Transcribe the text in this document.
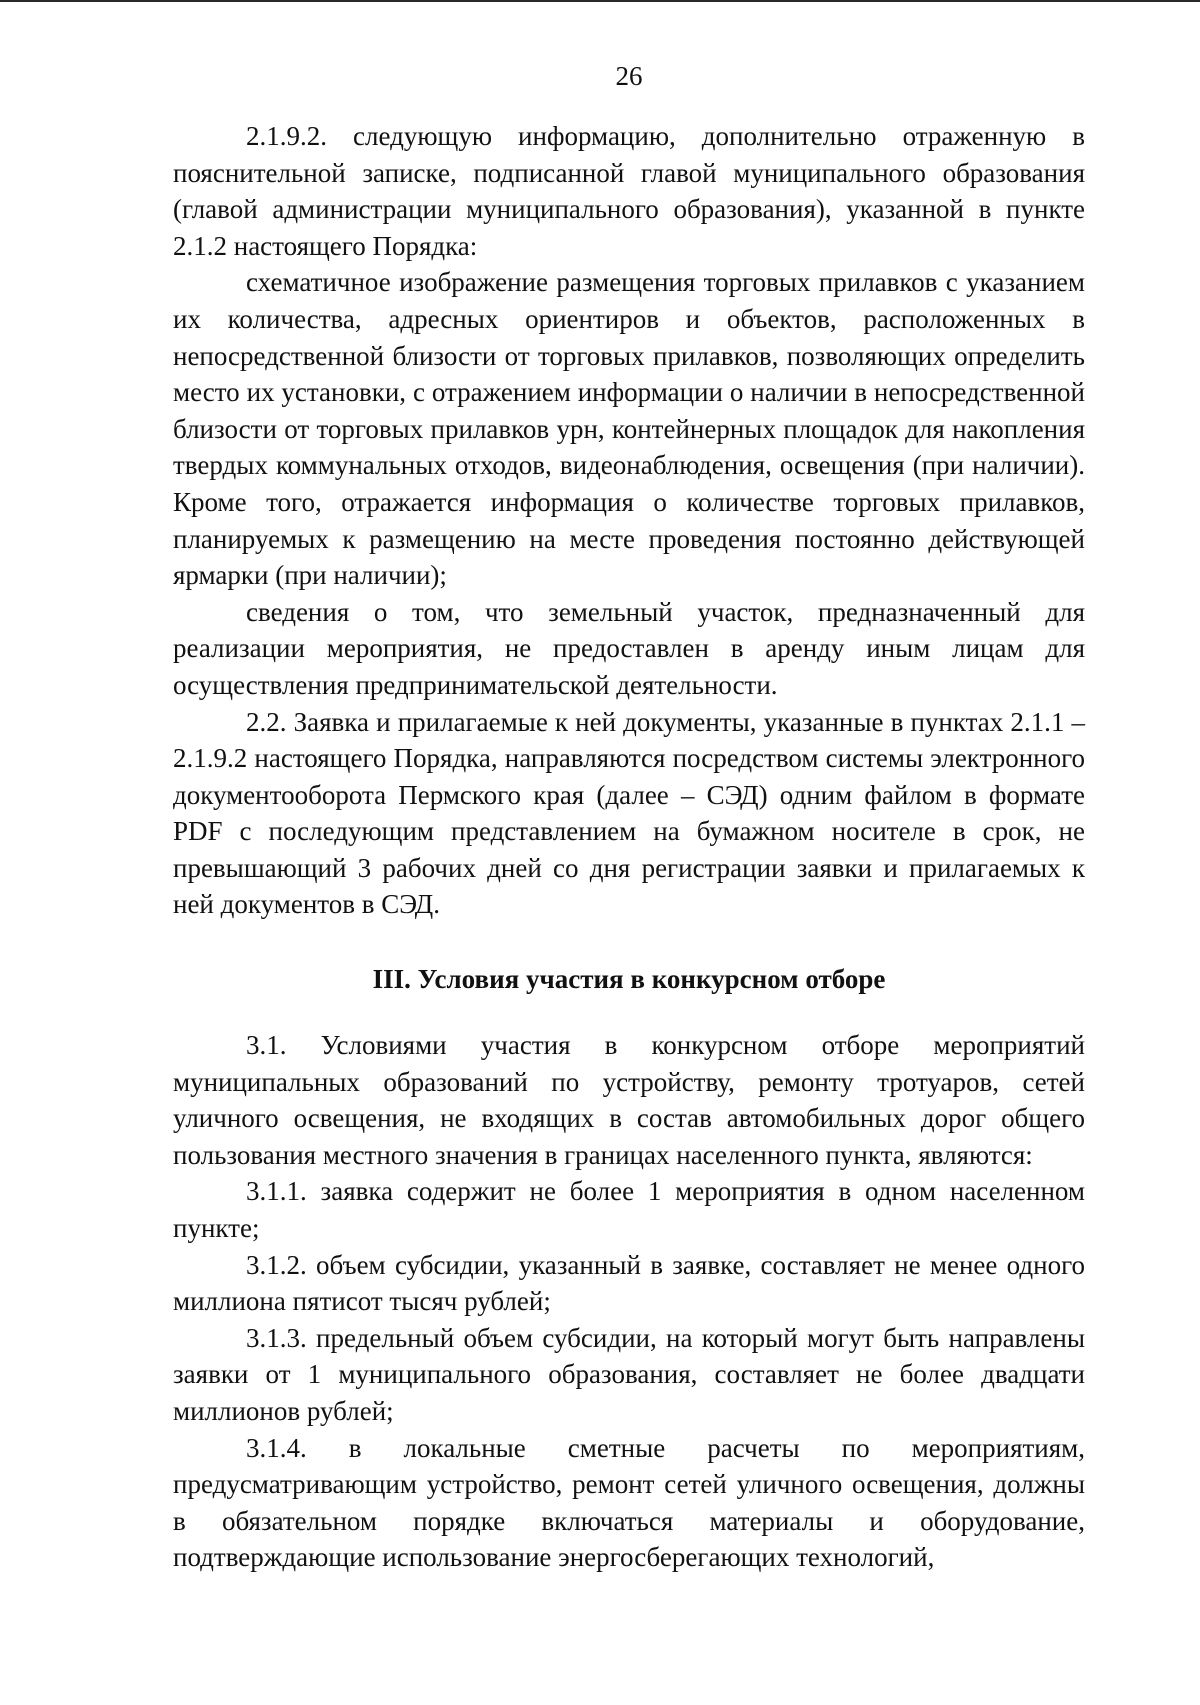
26

2.1.9.2. следующую информацию, дополнительно отраженную в пояснительной записке, подписанной главой муниципального образования (главой администрации муниципального образования), указанной в пункте 2.1.2 настоящего Порядка:

схематичное изображение размещения торговых прилавков с указанием их количества, адресных ориентиров и объектов, расположенных в непосредственной близости от торговых прилавков, позволяющих определить место их установки, с отражением информации о наличии в непосредственной близости от торговых прилавков урн, контейнерных площадок для накопления твердых коммунальных отходов, видеонаблюдения, освещения (при наличии). Кроме того, отражается информация о количестве торговых прилавков, планируемых к размещению на месте проведения постоянно действующей ярмарки (при наличии);

сведения о том, что земельный участок, предназначенный для реализации мероприятия, не предоставлен в аренду иным лицам для осуществления предпринимательской деятельности.

2.2. Заявка и прилагаемые к ней документы, указанные в пунктах 2.1.1 – 2.1.9.2 настоящего Порядка, направляются посредством системы электронного документооборота Пермского края (далее – СЭД) одним файлом в формате PDF с последующим представлением на бумажном носителе в срок, не превышающий 3 рабочих дней со дня регистрации заявки и прилагаемых к ней документов в СЭД.

III. Условия участия в конкурсном отборе

3.1. Условиями участия в конкурсном отборе мероприятий муниципальных образований по устройству, ремонту тротуаров, сетей уличного освещения, не входящих в состав автомобильных дорог общего пользования местного значения в границах населенного пункта, являются:

3.1.1. заявка содержит не более 1 мероприятия в одном населенном пункте;

3.1.2. объем субсидии, указанный в заявке, составляет не менее одного миллиона пятисот тысяч рублей;

3.1.3. предельный объем субсидии, на который могут быть направлены заявки от 1 муниципального образования, составляет не более двадцати миллионов рублей;

3.1.4. в локальные сметные расчеты по мероприятиям, предусматривающим устройство, ремонт сетей уличного освещения, должны в обязательном порядке включаться материалы и оборудование, подтверждающие использование энергосберегающих технологий,
